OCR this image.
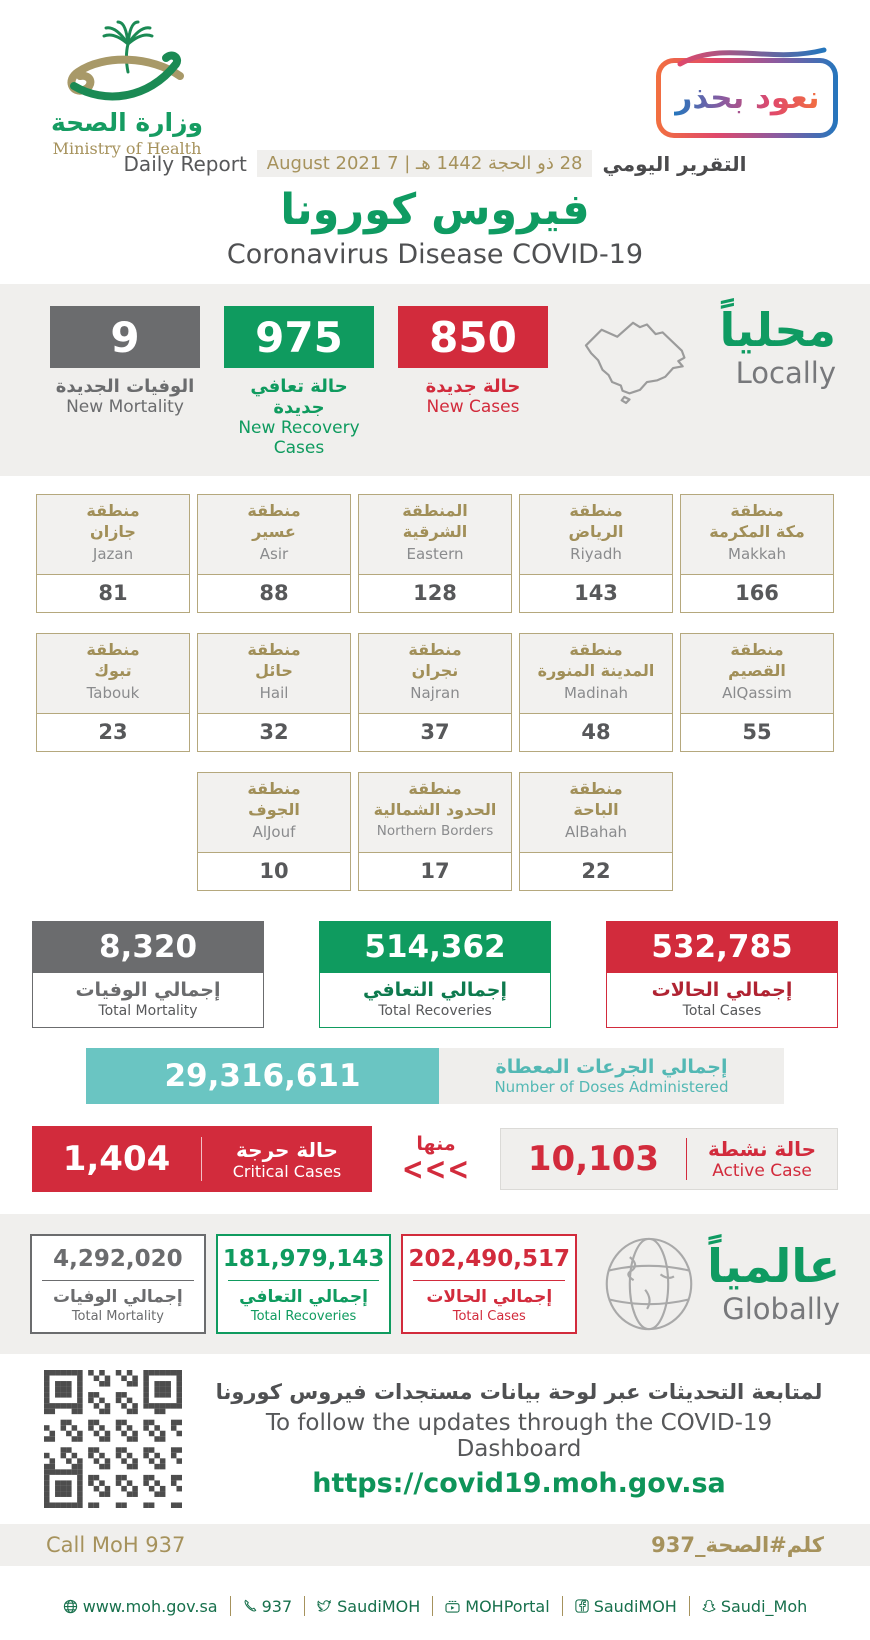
وزارة الصحة
Ministry of Health
نعود بحذر
Daily Report	28 ذو الحجة 1442 هـ | 7 August 2021	التقرير اليومي
فيروس كورونا
Coronavirus Disease COVID-19
9
الوفيات الجديدة
New Mortality
975
حالة تعافي جديدة
New Recovery Cases
850
حالة جديدة
New Cases
محلياً
Locally
منطقة
جازان
Jazan
81
منطقة
عسير
Asir
88
المنطقة
الشرقية
Eastern
128
منطقة
الرياض
Riyadh
143
منطقة
مكة المكرمة
Makkah
166
منطقة
تبوك
Tabouk
23
منطقة
حائل
Hail
32
منطقة
نجران
Najran
37
منطقة
المدينة المنورة
Madinah
48
منطقة
القصيم
AlQassim
55
منطقة
الجوف
AlJouf
10
منطقة
الحدود الشمالية
Northern Borders
17
منطقة
الباحة
AlBahah
22
8,320
إجمالي الوفيات
Total Mortality
514,362
إجمالي التعافي
Total Recoveries
532,785
إجمالي الحالات
Total Cases
29,316,611	إجمالي الجرعات المعطاة
Number of Doses Administered
1,404	حالة حرجة
Critical Cases
منها
<<<	10,103	حالة نشطة
Active Case
4,292,020
إجمالي الوفيات
Total Mortality
181,979,143
إجمالي التعافي
Total Recoveries
202,490,517
إجمالي الحالات
Total Cases
عالمياً
Globally
لمتابعة التحديثات عبر لوحة بيانات مستجدات فيروس كورونا
To follow the updates through the COVID-19 Dashboard
https://covid19.moh.gov.sa
Call MoH 937	كلم#الصحة_937
www.moh.gov.sa	937	SaudiMOH	MOHPortal	SaudiMOH	Saudi_Moh
